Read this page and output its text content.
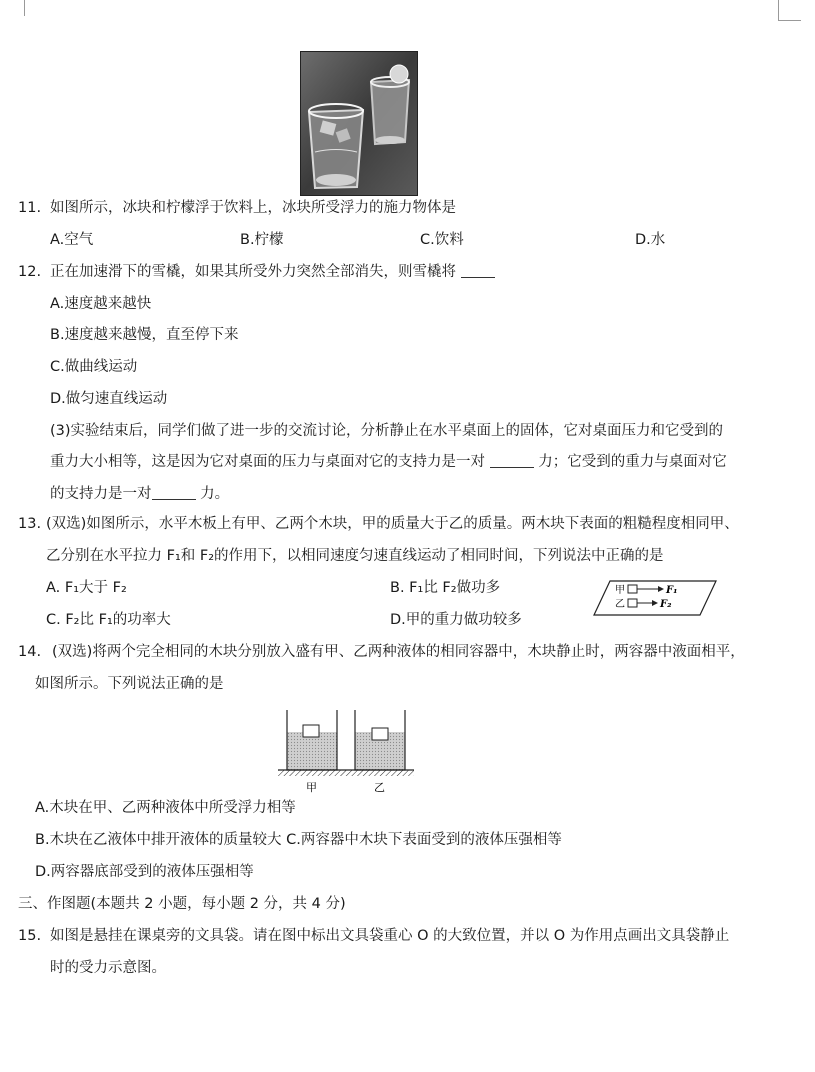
11. 如图所示，冰块和柠檬浮于饮料上，冰块所受浮力的施力物体是
A.空气	B.柠檬	C.饮料	D.水
12. 正在加速滑下的雪橇，如果其所受外力突然全部消失，则雪橇将
A.速度越来越快
B.速度越来越慢，直至停下来
C.做曲线运动
D.做匀速直线运动
(3)实验结束后，同学们做了进一步的交流讨论，分析静止在水平桌面上的固体，它对桌面压力和它受到的
重力大小相等，这是因为它对桌面的压力与桌面对它的支持力是一对	力；它受到的重力与桌面对它
的支持力是一对	力。
13. (双选)如图所示，水平木板上有甲、乙两个木块，甲的质量大于乙的质量。两木块下表面的粗糙程度相同甲、
乙分别在水平拉力 F₁和 F₂的作用下，以相同速度匀速直线运动了相同时间，下列说法中正确的是
A. F₁大于 F₂	B. F₁比 F₂做功多
C. F₂比 F₁的功率大	D.甲的重力做功较多
甲
乙
F₁
F₂
14. (双选)将两个完全相同的木块分别放入盛有甲、乙两种液体的相同容器中，木块静止时，两容器中液面相平，
如图所示。下列说法正确的是
甲	乙
A.木块在甲、乙两种液体中所受浮力相等
B.木块在乙液体中排开液体的质量较大 C.两容器中木块下表面受到的液体压强相等
D.两容器底部受到的液体压强相等
三、作图题(本题共 2 小题，每小题 2 分，共 4 分)
15. 如图是悬挂在课桌旁的文具袋。请在图中标出文具袋重心 O 的大致位置，并以 O 为作用点画出文具袋静止
时的受力示意图。
